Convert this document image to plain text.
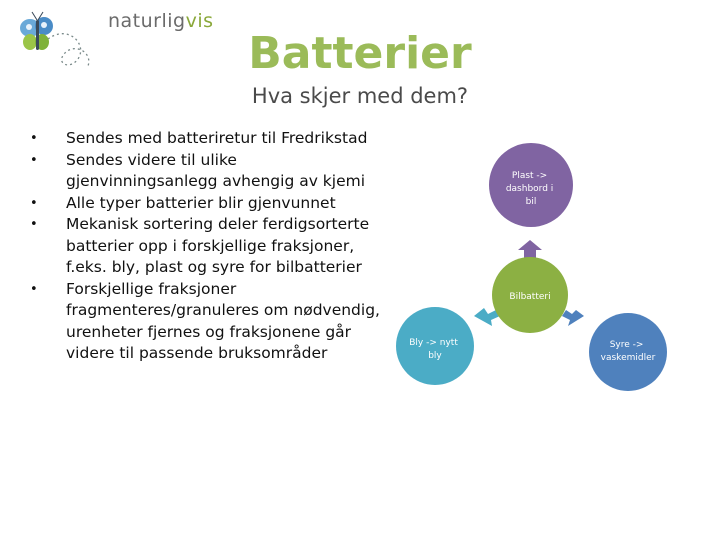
naturligvis
Batterier
Hva skjer med dem?
• Sendes med batteriretur til Fredrikstad
• Sendes videre til ulike gjenvinningsanlegg avhengig av kjemi
• Alle typer batterier blir gjenvunnet
• Mekanisk sortering deler ferdigsorterte batterier opp i forskjellige fraksjoner, f.eks. bly, plast og syre for bilbatterier
• Forskjellige fraksjoner fragmenteres/granuleres om nødvendig, urenheter fjernes og fraksjonene går videre til passende bruksområder
Plast -> dashbord i bil
Bilbatteri
Bly -> nytt bly
Syre -> vaskemidler
